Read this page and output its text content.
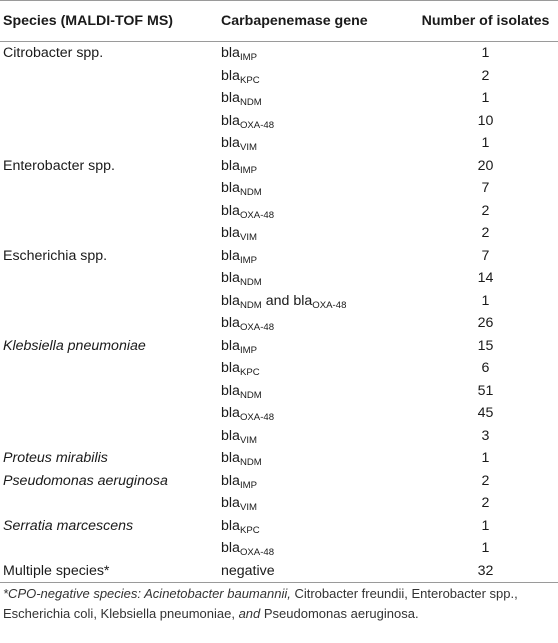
Species (MALDI-TOF MS)	Carbapenemase gene	Number of isolates
Citrobacter spp.	bla$_{IMP}$	1
	bla$_{KPC}$	2
	bla$_{NDM}$	1
	bla$_{OXA-48}$	10
	bla$_{VIM}$	1
Enterobacter spp.	bla$_{IMP}$	20
	bla$_{NDM}$	7
	bla$_{OXA-48}$	2
	bla$_{VIM}$	2
Escherichia spp.	bla$_{IMP}$	7
	bla$_{NDM}$	14
	bla$_{NDM}$ and bla$_{OXA-48}$	1
	bla$_{OXA-48}$	26
Klebsiella pneumoniae	bla$_{IMP}$	15
	bla$_{KPC}$	6
	bla$_{NDM}$	51
	bla$_{OXA-48}$	45
	bla$_{VIM}$	3
Proteus mirabilis	bla$_{NDM}$	1
Pseudomonas aeruginosa	bla$_{IMP}$	2
	bla$_{VIM}$	2
Serratia marcescens	bla$_{KPC}$	1
	bla$_{OXA-48}$	1
Multiple species*	negative	32
*CPO-negative species: Acinetobacter baumannii, Citrobacter freundii, Enterobacter spp., Escherichia coli, Klebsiella pneumoniae, and Pseudomonas aeruginosa.
